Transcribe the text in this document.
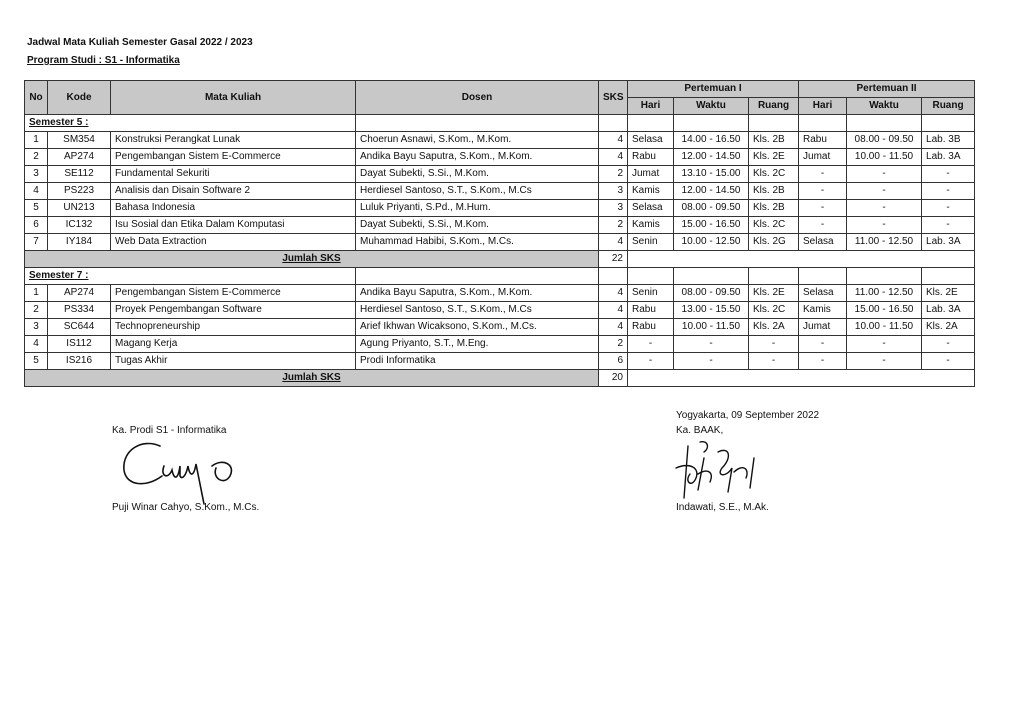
Jadwal Mata Kuliah Semester Gasal 2022 / 2023
Program Studi : S1 - Informatika
No	Kode	Mata Kuliah	Dosen	SKS	Pertemuan I			Pertemuan II		
					Hari	Waktu	Ruang	Hari	Waktu	Ruang
Semester 5 :										
1	SM354	Konstruksi Perangkat Lunak	Choerun Asnawi, S.Kom., M.Kom.	4	Selasa	14.00 - 16.50	Kls. 2B	Rabu	08.00 - 09.50	Lab. 3B
2	AP274	Pengembangan Sistem E-Commerce	Andika Bayu Saputra, S.Kom., M.Kom.	4	Rabu	12.00 - 14.50	Kls. 2E	Jumat	10.00 - 11.50	Lab. 3A
3	SE112	Fundamental Sekuriti	Dayat Subekti, S.Si., M.Kom.	2	Jumat	13.10 - 15.00	Kls. 2C	-	-	-
4	PS223	Analisis dan Disain Software 2	Herdiesel Santoso, S.T., S.Kom., M.Cs	3	Kamis	12.00 - 14.50	Kls. 2B	-	-	-
5	UN213	Bahasa Indonesia	Luluk Priyanti, S.Pd., M.Hum.	3	Selasa	08.00 - 09.50	Kls. 2B	-	-	-
6	IC132	Isu Sosial dan Etika Dalam Komputasi	Dayat Subekti, S.Si., M.Kom.	2	Kamis	15.00 - 16.50	Kls. 2C	-	-	-
7	IY184	Web Data Extraction	Muhammad Habibi, S.Kom., M.Cs.	4	Senin	10.00 - 12.50	Kls. 2G	Selasa	11.00 - 12.50	Lab. 3A
Jumlah SKS				22						
Semester 7 :										
1	AP274	Pengembangan Sistem E-Commerce	Andika Bayu Saputra, S.Kom., M.Kom.	4	Senin	08.00 - 09.50	Kls. 2E	Selasa	11.00 - 12.50	Kls. 2E
2	PS334	Proyek Pengembangan Software	Herdiesel Santoso, S.T., S.Kom., M.Cs	4	Rabu	13.00 - 15.50	Kls. 2C	Kamis	15.00 - 16.50	Lab. 3A
3	SC644	Technopreneurship	Arief Ikhwan Wicaksono, S.Kom., M.Cs.	4	Rabu	10.00 - 11.50	Kls. 2A	Jumat	10.00 - 11.50	Kls. 2A
4	IS112	Magang Kerja	Agung Priyanto, S.T., M.Eng.	2	-	-	-	-	-	-
5	IS216	Tugas Akhir	Prodi Informatika	6	-	-	-	-	-	-
Jumlah SKS				20						
Ka. Prodi S1 - Informatika
Puji Winar Cahyo, S.Kom., M.Cs.
Yogyakarta, 09 September 2022
Ka. BAAK,
Indawati, S.E., M.Ak.
